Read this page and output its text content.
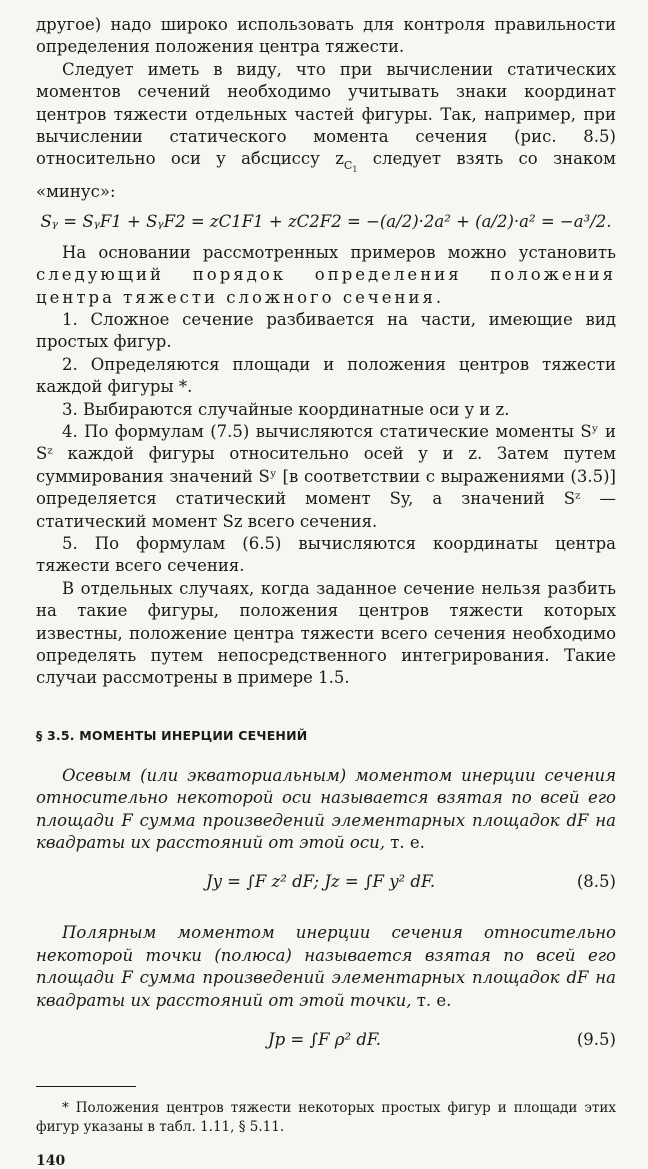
другое) надо широко использовать для контроля правильности определения положения центра тяжести.

Следует иметь в виду, что при вычислении статических моментов сечений необходимо учитывать знаки координат центров тяжести отдельных частей фигуры. Так, например, при вычислении статического момента сечения (рис. 8.5) относительно оси y абсциссу $z_{C_1}$ следует взять со знаком «минус»:

Sᵧ = SᵧF1 + SᵧF2 = zC1F1 + zC2F2 = −(a/2)·2a² + (a/2)·a² = −a³/2.

На основании рассмотренных примеров можно установить следующий порядок определения положения центра тяжести сложного сечения.

1. Сложное сечение разбивается на части, имеющие вид простых фигур.

2. Определяются площади и положения центров тяжести каждой фигуры *.

3. Выбираются случайные координатные оси y и z.

4. По формулам (7.5) вычисляются статические моменты Sʸ и Sᶻ каждой фигуры относительно осей y и z. Затем путем суммирования значений Sʸ [в соответствии с выражениями (3.5)] определяется статический момент Sy, а значений Sᶻ — статический момент Sz всего сечения.

5. По формулам (6.5) вычисляются координаты центра тяжести всего сечения.

В отдельных случаях, когда заданное сечение нельзя разбить на такие фигуры, положения центров тяжести которых известны, положение центра тяжести всего сечения необходимо определять путем непосредственного интегрирования. Такие случаи рассмотрены в примере 1.5.

§ 3.5. МОМЕНТЫ ИНЕРЦИИ СЕЧЕНИЙ

Осевым (или экваториальным) моментом инерции сечения относительно некоторой оси называется взятая по всей его площади F сумма произведений элементарных площадок dF на квадраты их расстояний от этой оси, т. е.

Jy = ∫F z² dF; Jz = ∫F y² dF.	(8.5)

Полярным моментом инерции сечения относительно некоторой точки (полюса) называется взятая по всей его площади F сумма произведений элементарных площадок dF на квадраты их расстояний от этой точки, т. е.

Jp = ∫F ρ² dF.	(9.5)

* Положения центров тяжести некоторых простых фигур и площади этих фигур указаны в табл. 1.11, § 5.11.

140
